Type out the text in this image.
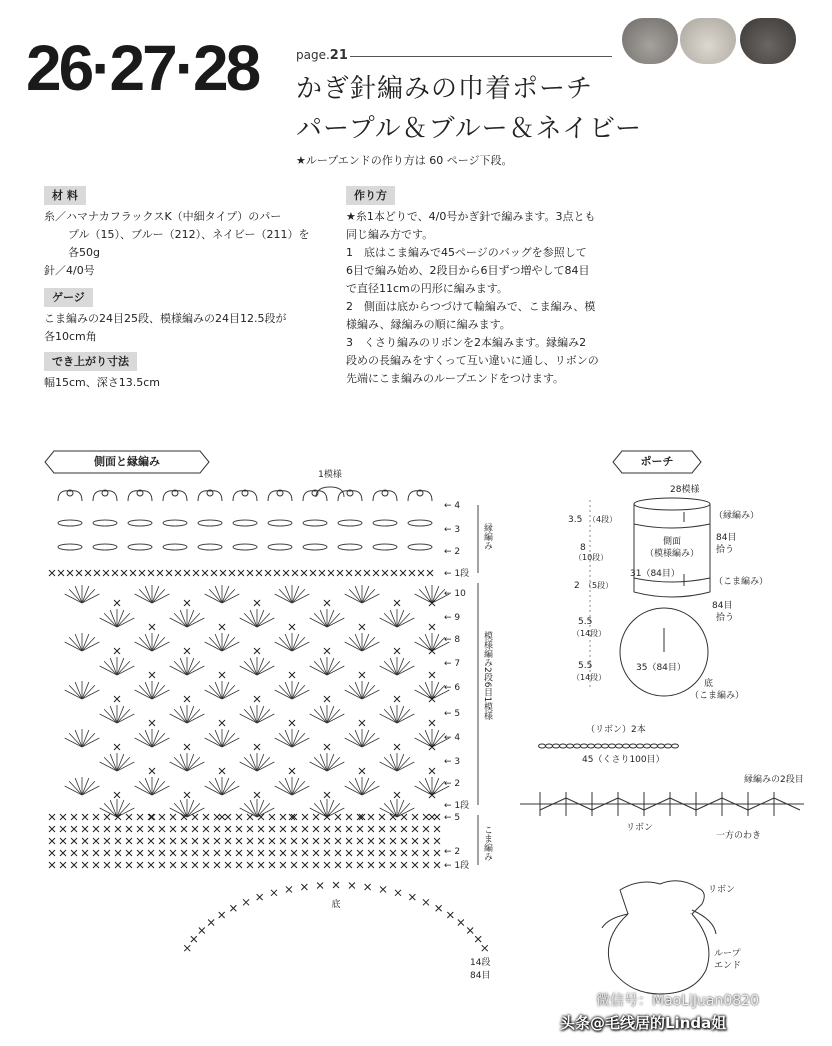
26·27·28	page.21
かぎ針編みの巾着ポーチ
パープル＆ブルー＆ネイビー
★ループエンドの作り方は 60 ページ下段。
材 料
糸／ハマナカフラックスK（中細タイプ）のパー
プル（15）、ブルー（212）、ネイビー（211）を
各50g
針／4/0号
ゲージ
こま編みの24目25段、模様編みの24目12.5段が
各10cm角
でき上がり寸法
幅15cm、深さ13.5cm
作り方
★糸1本どりで、4/0号かぎ針で編みます。3点とも
同じ編み方です。
1　底はこま編みで45ページのバッグを参照して
6目で編み始め、2段目から6目ずつ増やして84目
で直径11cmの円形に編みます。
2　側面は底からつづけて輪編みで、こま編み、模
様編み、縁編みの順に編みます。
3　くさり編みのリボンを2本編みます。縁編み2
段めの長編みをすくって互い違いに通し、リボンの
先端にこま編みのループエンドをつけます。
側面と縁編み	ポーチ
1模様
底
← 4
← 3
← 2
← 1段
← 10
← 9
← 8
← 7
← 6
← 5
← 4
← 3
← 2
← 1段
← 5
← 2
← 1段
縁編み
模様編み2段6目1模様
こま編み
14段
84目
28模様
側面
（模様編み）
31（84目）
（縁編み）
84目
拾う
（こま編み）
84目
拾う
3.5 （4段）
8
（10段）
2 （5段）
35（84目）
底
（こま編み）
5.5
（14段）
5.5
（14段）
（リボン）2本
45（くさり100目）
縁編みの2段目
リボン
一方のわき
リボン
ループ
エンド
微信号：MaoLiJuan0820
头条@毛线居的Linda姐
